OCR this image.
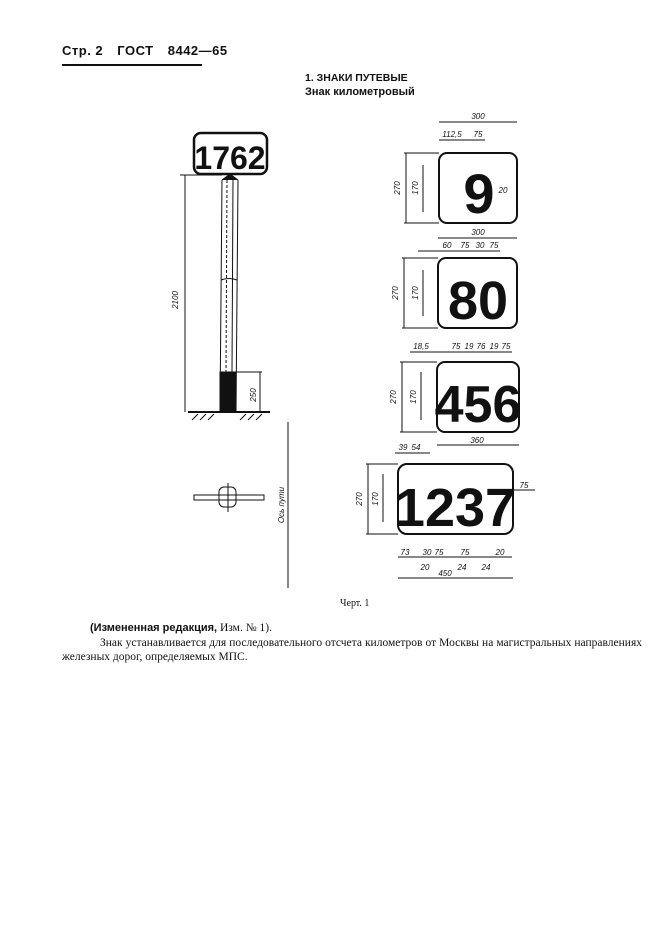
Стр. 2 ГОСТ 8442—65
1. ЗНАКИ ПУТЕВЫЕ
Знак километровый
1762
9
80
456
1237
2100
250
Ось пути
300
112,5 75
20
270 170
300
60 75 30 75
270 170
18,5	75 19 76 19 75
270 170
360
39 54
75
270 170
73 30 75 75	20
20	24 24
450
Черт. 1
(Измененная редакция, Изм. № 1).
Знак устанавливается для последовательного отсчета километров от Москвы на магистральных направлениях железных дорог, определяемых МПС.
